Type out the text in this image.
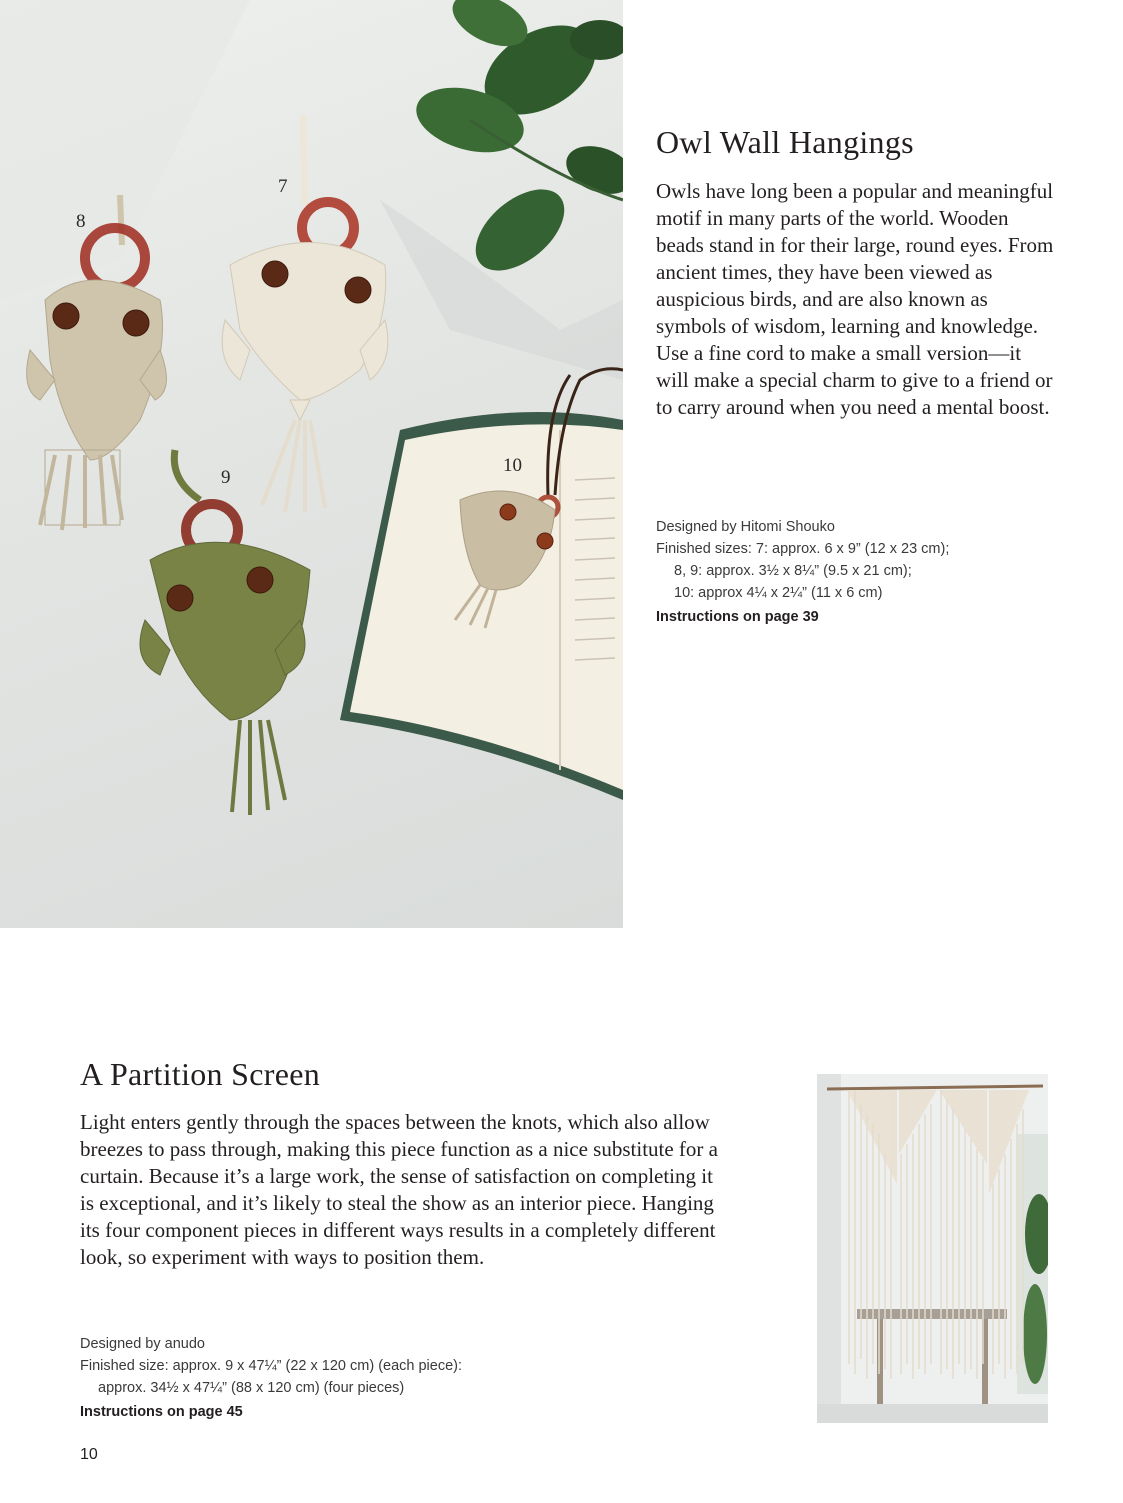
7
8
9
10
Owl Wall Hangings

Owls have long been a popular and meaningful motif in many parts of the world. Wooden beads stand in for their large, round eyes. From ancient times, they have been viewed as auspicious birds, and are also known as symbols of wisdom, learning and knowledge. Use a fine cord to make a small version—it will make a special charm to give to a friend or to carry around when you need a mental boost.

Designed by Hitomi Shouko
Finished sizes: 7: approx. 6 x 9” (12 x 23 cm);
8, 9: approx. 3½ x 8¼” (9.5 x 21 cm);
10: approx 4¼ x 2¼” (11 x 6 cm)
Instructions on page 39
A Partition Screen

Light enters gently through the spaces between the knots, which also allow breezes to pass through, making this piece function as a nice substitute for a curtain. Because it’s a large work, the sense of satisfaction on completing it is exceptional, and it’s likely to steal the show as an interior piece. Hanging its four component pieces in different ways results in a completely different look, so experiment with ways to position them.

Designed by anudo
Finished size: approx. 9 x 47¼” (22 x 120 cm) (each piece):
approx. 34½ x 47¼” (88 x 120 cm) (four pieces)
Instructions on page 45
10
